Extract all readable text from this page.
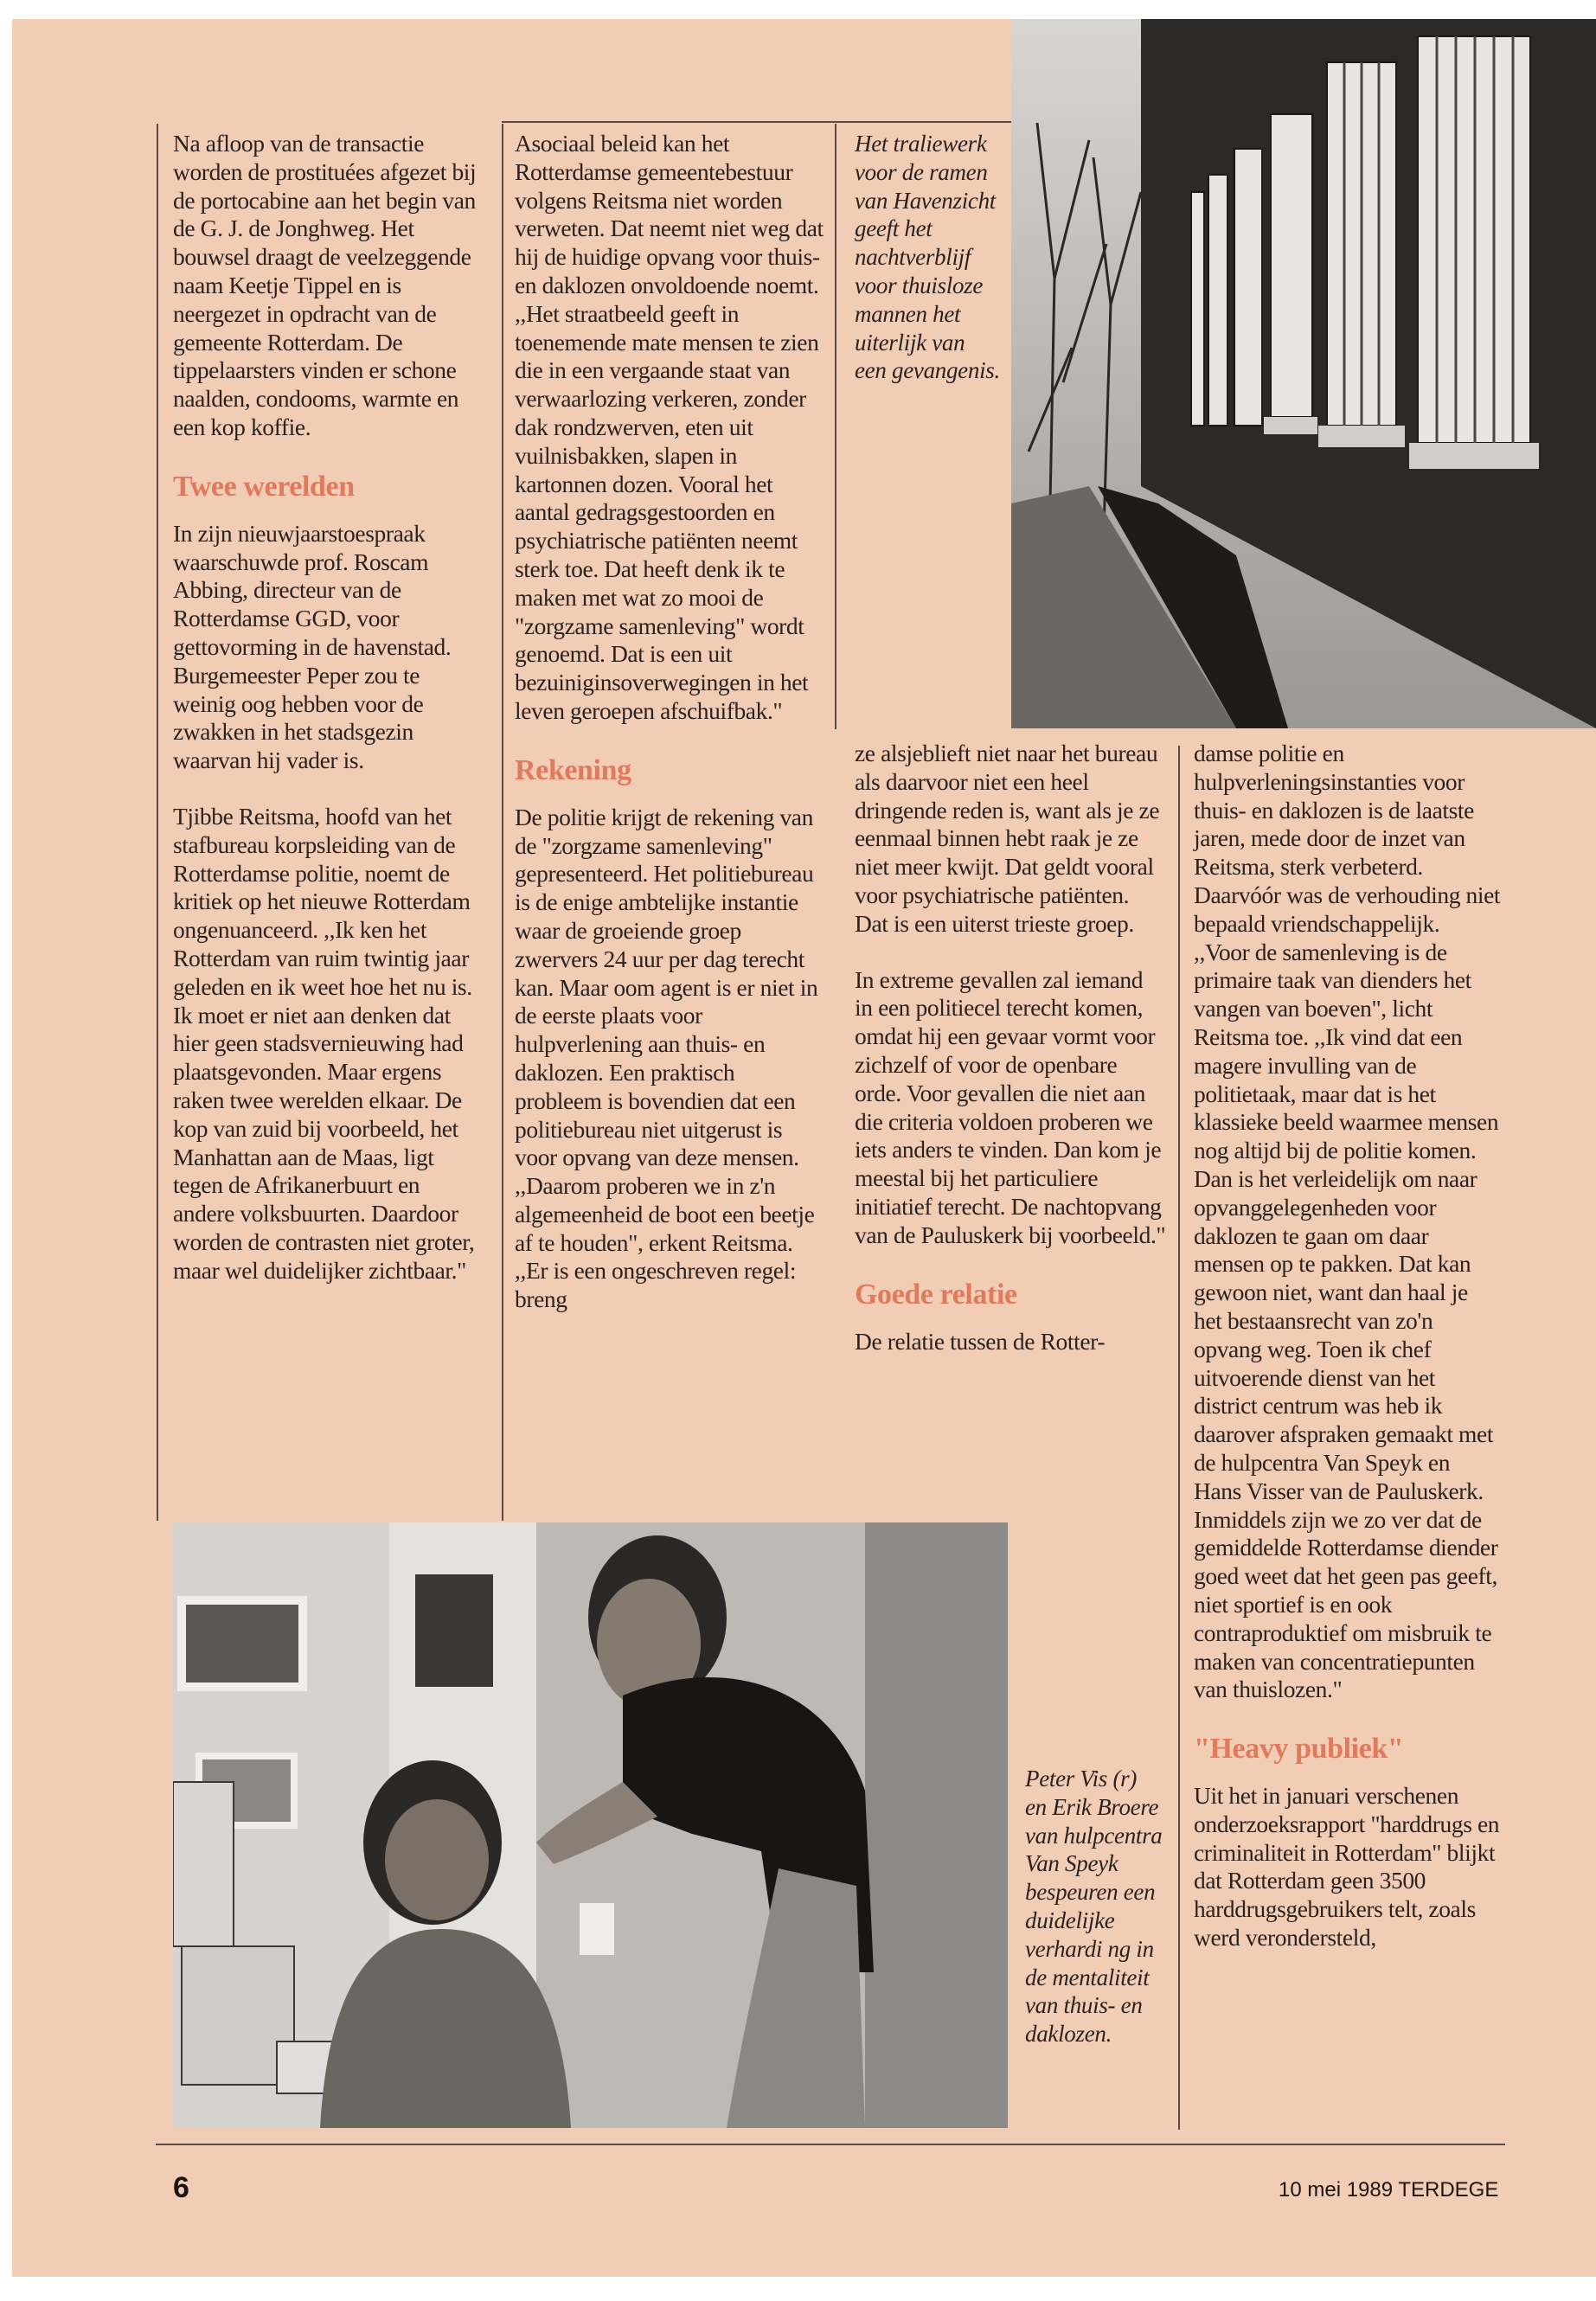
Na afloop van de transactie worden de prostituées afgezet bij de portocabine aan het begin van de G. J. de Jonghweg. Het bouwsel draagt de veelzeggende naam Keetje Tippel en is neergezet in opdracht van de gemeente Rotterdam. De tippelaarsters vinden er schone naalden, condooms, warmte en een kop koffie.

Twee werelden

In zijn nieuwjaarstoespraak waarschuwde prof. Roscam Abbing, directeur van de Rotterdamse GGD, voor gettovorming in de havenstad. Burgemeester Peper zou te weinig oog hebben voor de zwakken in het stadsgezin waarvan hij vader is.

Tjibbe Reitsma, hoofd van het stafbureau korpsleiding van de Rotterdamse politie, noemt de kritiek op het nieuwe Rotterdam ongenuanceerd. ,,Ik ken het Rotterdam van ruim twintig jaar geleden en ik weet hoe het nu is. Ik moet er niet aan denken dat hier geen stadsvernieuwing had plaatsgevonden. Maar ergens raken twee werelden elkaar. De kop van zuid bij voorbeeld, het Manhattan aan de Maas, ligt tegen de Afrikanerbuurt en andere volksbuurten. Daardoor worden de contrasten niet groter, maar wel duidelijker zichtbaar."

Asociaal beleid kan het Rotterdamse gemeentebestuur volgens Reitsma niet worden verweten. Dat neemt niet weg dat hij de huidige opvang voor thuis- en daklozen onvoldoende noemt. ,,Het straatbeeld geeft in toenemende mate mensen te zien die in een vergaande staat van verwaarlozing verkeren, zonder dak rondzwerven, eten uit vuilnisbakken, slapen in kartonnen dozen. Vooral het aantal gedragsgestoorden en psychiatrische patiënten neemt sterk toe. Dat heeft denk ik te maken met wat zo mooi de "zorgzame samenleving" wordt genoemd. Dat is een uit bezuiniginsoverwegingen in het leven geroepen afschuifbak."

Rekening

De politie krijgt de rekening van de "zorgzame samenleving" gepresenteerd. Het politiebureau is de enige ambtelijke instantie waar de groeiende groep zwervers 24 uur per dag terecht kan. Maar oom agent is er niet in de eerste plaats voor hulpverlening aan thuis- en daklozen. Een praktisch probleem is bovendien dat een politiebureau niet uitgerust is voor opvang van deze mensen.

,,Daarom proberen we in z'n algemeenheid de boot een beetje af te houden", erkent Reitsma. ,,Er is een ongeschreven regel: breng

Het traliewerk voor de ramen van Havenzicht geeft het nachtverblijf voor thuisloze mannen het uiterlijk van een gevangenis.

ze alsjeblieft niet naar het bureau als daarvoor niet een heel dringende reden is, want als je ze eenmaal binnen hebt raak je ze niet meer kwijt. Dat geldt vooral voor psychiatrische patiënten. Dat is een uiterst trieste groep.

In extreme gevallen zal iemand in een politiecel terecht komen, omdat hij een gevaar vormt voor zichzelf of voor de openbare orde. Voor gevallen die niet aan die criteria voldoen proberen we iets anders te vinden. Dan kom je meestal bij het particuliere initiatief terecht. De nachtopvang van de Pauluskerk bij voorbeeld."

Goede relatie

De relatie tussen de Rotter-

Peter Vis (r) en Erik Broere van hulpcentra Van Speyk bespeuren een duidelijke verhardi ng in de mentaliteit van thuis- en daklozen.

damse politie en hulpverleningsinstanties voor thuis- en daklozen is de laatste jaren, mede door de inzet van Reitsma, sterk verbeterd. Daarvóór was de verhouding niet bepaald vriendschappelijk. ,,Voor de samenleving is de primaire taak van dienders het vangen van boeven", licht Reitsma toe. ,,Ik vind dat een magere invulling van de politietaak, maar dat is het klassieke beeld waarmee mensen nog altijd bij de politie komen. Dan is het verleidelijk om naar opvanggelegenheden voor daklozen te gaan om daar mensen op te pakken. Dat kan gewoon niet, want dan haal je het bestaansrecht van zo'n opvang weg. Toen ik chef uitvoerende dienst van het district centrum was heb ik daarover afspraken gemaakt met de hulpcentra Van Speyk en Hans Visser van de Pauluskerk. Inmiddels zijn we zo ver dat de gemiddelde Rotterdamse diender goed weet dat het geen pas geeft, niet sportief is en ook contraproduktief om misbruik te maken van concentratiepunten van thuislozen."

"Heavy publiek"

Uit het in januari verschenen onderzoeksrapport "harddrugs en criminaliteit in Rotterdam" blijkt dat Rotterdam geen 3500 harddrugsgebruikers telt, zoals werd verondersteld,

6	10 mei 1989 TERDEGE
